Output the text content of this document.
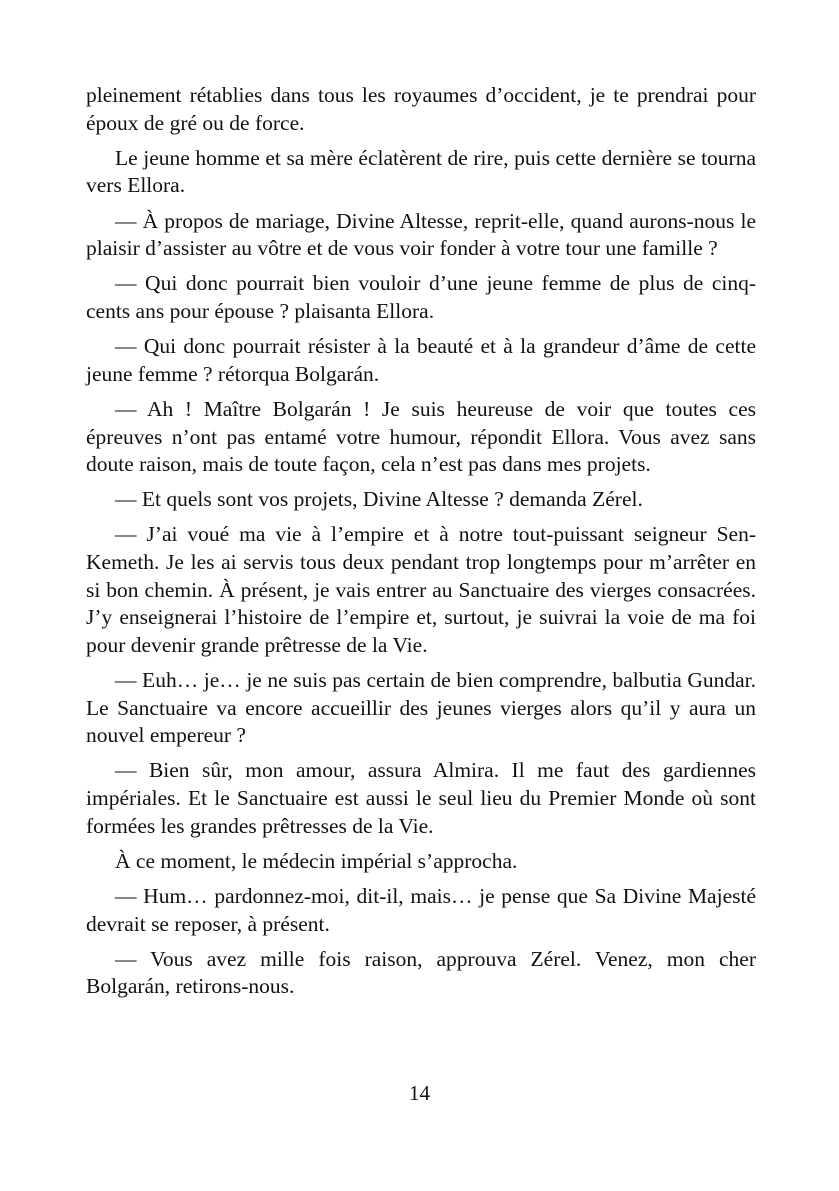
pleinement rétablies dans tous les royaumes d’occident, je te prendrai pour époux de gré ou de force.

Le jeune homme et sa mère éclatèrent de rire, puis cette dernière se tourna vers Ellora.

— À propos de mariage, Divine Altesse, reprit-elle, quand aurons-nous le plaisir d’assister au vôtre et de vous voir fonder à votre tour une famille ?

— Qui donc pourrait bien vouloir d’une jeune femme de plus de cinq-cents ans pour épouse ? plaisanta Ellora.

— Qui donc pourrait résister à la beauté et à la grandeur d’âme de cette jeune femme ? rétorqua Bolgarán.

— Ah ! Maître Bolgarán ! Je suis heureuse de voir que toutes ces épreuves n’ont pas entamé votre humour, répondit Ellora. Vous avez sans doute raison, mais de toute façon, cela n’est pas dans mes projets.

— Et quels sont vos projets, Divine Altesse ? demanda Zérel.

— J’ai voué ma vie à l’empire et à notre tout-puissant seigneur Sen-Kemeth. Je les ai servis tous deux pendant trop longtemps pour m’arrêter en si bon chemin. À présent, je vais entrer au Sanctuaire des vierges consacrées. J’y enseignerai l’histoire de l’empire et, surtout, je suivrai la voie de ma foi pour devenir grande prêtresse de la Vie.

— Euh… je… je ne suis pas certain de bien comprendre, balbutia Gundar. Le Sanctuaire va encore accueillir des jeunes vierges alors qu’il y aura un nouvel empereur ?

— Bien sûr, mon amour, assura Almira. Il me faut des gardiennes impériales. Et le Sanctuaire est aussi le seul lieu du Premier Monde où sont formées les grandes prêtresses de la Vie.

À ce moment, le médecin impérial s’approcha.

— Hum… pardonnez-moi, dit-il, mais… je pense que Sa Divine Majesté devrait se reposer, à présent.

— Vous avez mille fois raison, approuva Zérel. Venez, mon cher Bolgarán, retirons-nous.

14
